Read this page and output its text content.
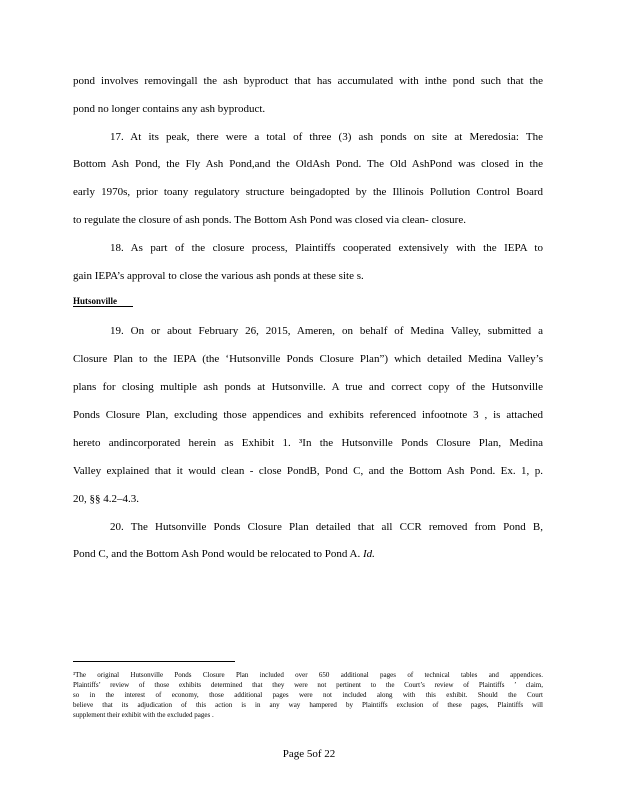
pond involves removingall the ash byproduct that has accumulated with inthe pond such that the
pond no longer contains any ash byproduct.
17. At its peak, there were a total of three (3) ash ponds on site at Meredosia: The
Bottom Ash Pond, the Fly Ash Pond,and the OldAsh Pond. The Old AshPond was closed in the
early 1970s, prior toany regulatory structure beingadopted by the Illinois Pollution Control Board
to regulate the closure of ash ponds. The Bottom Ash Pond was closed via clean- closure.
18. As part of the closure process, Plaintiffs cooperated extensively with the IEPA to
gain IEPA’s approval to close the various ash ponds at these site s.
19. On or about February 26, 2015, Ameren, on behalf of Medina Valley, submitted a
Closure Plan to the IEPA (the ‘Hutsonville Ponds Closure Plan”) which detailed Medina Valley’s
plans for closing multiple ash ponds at Hutsonville. A true and correct copy of the Hutsonville
Ponds Closure Plan, excluding those appendices and exhibits referenced infootnote 3 , is attached
hereto andincorporated herein as Exhibit 1. ³In the Hutsonville Ponds Closure Plan, Medina
Valley explained that it would clean - close PondB, Pond C, and the Bottom Ash Pond. Ex. 1, p.
20, §§ 4.2–4.3.
20. The Hutsonville Ponds Closure Plan detailed that all CCR removed from Pond B,
Pond C, and the Bottom Ash Pond would be relocated to Pond A. Id.
Hutsonville
³The original Hutsonville Ponds Closure Plan included over 650 additional pages of technical tables and appendices.
Plaintiffs’ review of those exhibits determined that they were not pertinent to the Court’s review of Plaintiffs ’ claim,
so in the interest of economy, those additional pages were not included along with this exhibit. Should the Court
believe that its adjudication of this action is in any way hampered by Plaintiffs exclusion of these pages, Plaintiffs will
supplement their exhibit with the excluded pages .
Page 5of 22
